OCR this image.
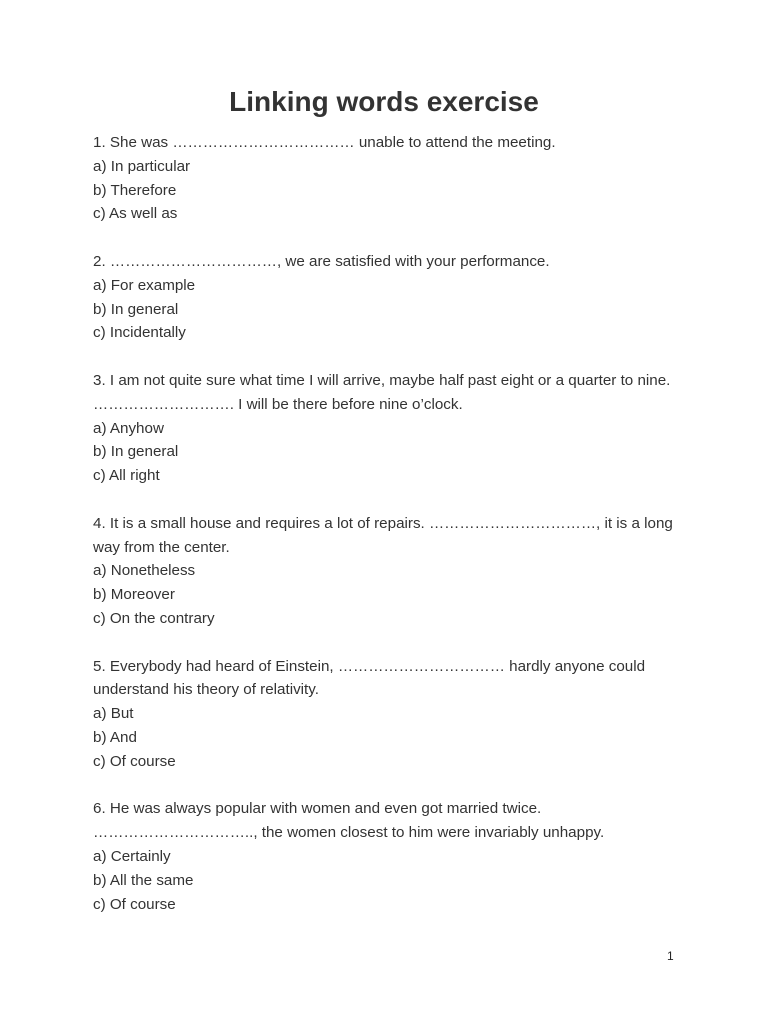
Linking words exercise

1. She was ……………………………… unable to attend the meeting.

a) In particular
b) Therefore
c) As well as

2. ……………………………, we are satisfied with your performance.

a) For example
b) In general
c) Incidentally

3. I am not quite sure what time I will arrive, maybe half past eight or a quarter to nine. ………………………. I will be there before nine o’clock.

a) Anyhow
b) In general
c) All right

4. It is a small house and requires a lot of repairs. ……………………………, it is a long way from the center.

a) Nonetheless
b) Moreover
c) On the contrary

5. Everybody had heard of Einstein, …………………………… hardly anyone could understand his theory of relativity.

a) But
b) And
c) Of course

6. He was always popular with women and even got married twice. ………………………….., the women closest to him were invariably unhappy.

a) Certainly
b) All the same
c) Of course
1
